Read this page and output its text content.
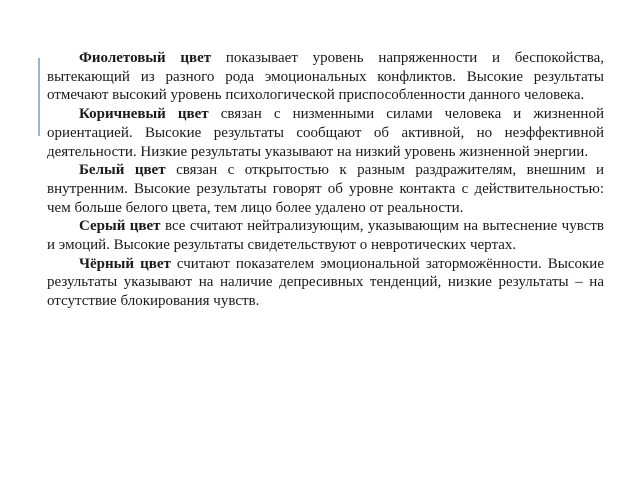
Фиолетовый цвет показывает уровень напряженности и беспокойства, вытекающий из разного рода эмоциональных конфликтов. Высокие результаты отмечают высокий уровень психологической приспособленности данного человека.

Коричневый цвет связан с низменными силами человека и жизненной ориентацией. Высокие результаты сообщают об активной, но неэффективной деятельности. Низкие результаты указывают на низкий уровень жизненной энергии.

Белый цвет связан с открытостью к разным раздражителям, внешним и внутренним. Высокие результаты говорят об уровне контакта с действительностью: чем больше белого цвета, тем лицо более удалено от реальности.

Серый цвет все считают нейтрализующим, указывающим на вытеснение чувств и эмоций. Высокие результаты свидетельствуют о невротических чертах.

Чёрный цвет считают показателем эмоциональной заторможённости. Высокие результаты указывают на наличие депресивных тенденций, низкие результаты – на отсутствие блокирования чувств.
